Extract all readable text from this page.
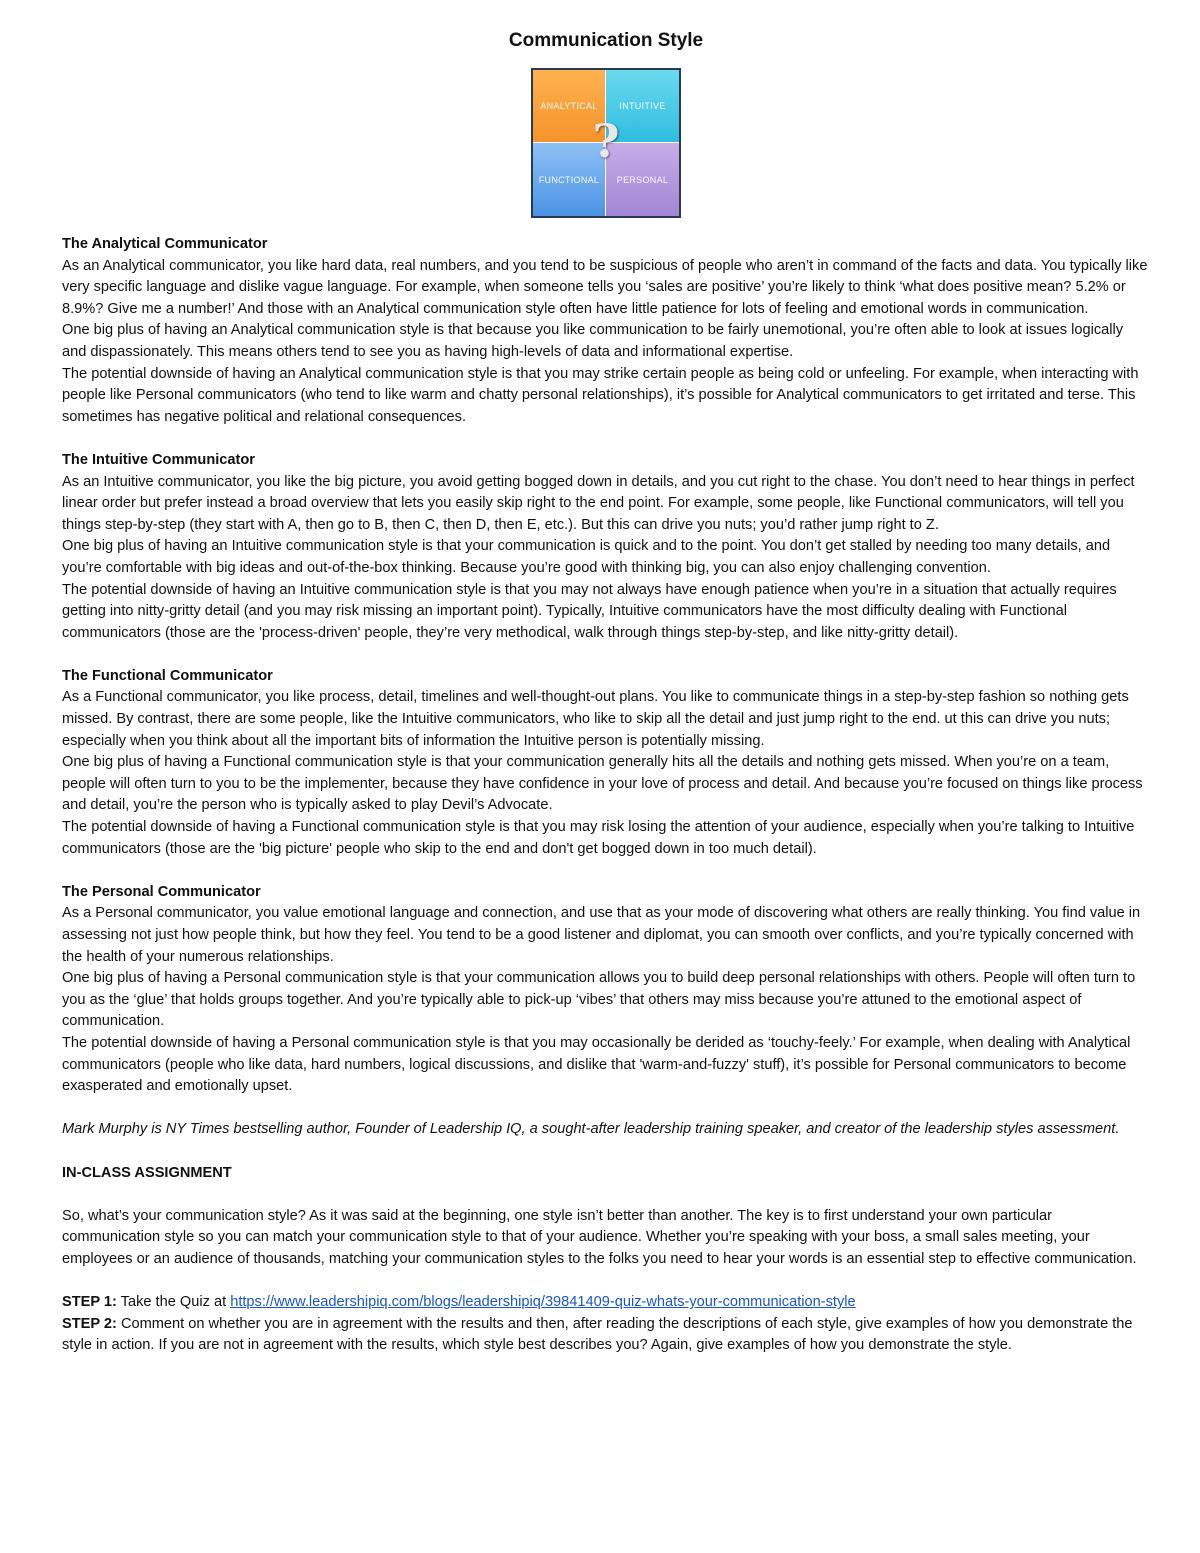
Communication Style
ANALYTICAL	INTUITIVE
FUNCTIONAL	PERSONAL
?

The Analytical Communicator

As an Analytical communicator, you like hard data, real numbers, and you tend to be suspicious of people who aren’t in command of the facts and data. You typically like very specific language and dislike vague language. For example, when someone tells you ‘sales are positive’ you’re likely to think ‘what does positive mean? 5.2% or 8.9%? Give me a number!’ And those with an Analytical communication style often have little patience for lots of feeling and emotional words in communication.

One big plus of having an Analytical communication style is that because you like communication to be fairly unemotional, you’re often able to look at issues logically and dispassionately. This means others tend to see you as having high-levels of data and informational expertise.

The potential downside of having an Analytical communication style is that you may strike certain people as being cold or unfeeling. For example, when interacting with people like Personal communicators (who tend to like warm and chatty personal relationships), it’s possible for Analytical communicators to get irritated and terse. This sometimes has negative political and relational consequences.

The Intuitive Communicator

As an Intuitive communicator, you like the big picture, you avoid getting bogged down in details, and you cut right to the chase. You don’t need to hear things in perfect linear order but prefer instead a broad overview that lets you easily skip right to the end point. For example, some people, like Functional communicators, will tell you things step-by-step (they start with A, then go to B, then C, then D, then E, etc.). But this can drive you nuts; you’d rather jump right to Z.

One big plus of having an Intuitive communication style is that your communication is quick and to the point. You don’t get stalled by needing too many details, and you’re comfortable with big ideas and out-of-the-box thinking. Because you’re good with thinking big, you can also enjoy challenging convention.

The potential downside of having an Intuitive communication style is that you may not always have enough patience when you’re in a situation that actually requires getting into nitty-gritty detail (and you may risk missing an important point). Typically, Intuitive communicators have the most difficulty dealing with Functional communicators (those are the 'process-driven' people, they’re very methodical, walk through things step-by-step, and like nitty-gritty detail).

The Functional Communicator

As a Functional communicator, you like process, detail, timelines and well-thought-out plans. You like to communicate things in a step-by-step fashion so nothing gets missed. By contrast, there are some people, like the Intuitive communicators, who like to skip all the detail and just jump right to the end. ut this can drive you nuts; especially when you think about all the important bits of information the Intuitive person is potentially missing.

One big plus of having a Functional communication style is that your communication generally hits all the details and nothing gets missed. When you’re on a team, people will often turn to you to be the implementer, because they have confidence in your love of process and detail. And because you’re focused on things like process and detail, you’re the person who is typically asked to play Devil’s Advocate.

The potential downside of having a Functional communication style is that you may risk losing the attention of your audience, especially when you’re talking to Intuitive communicators (those are the 'big picture' people who skip to the end and don't get bogged down in too much detail).

The Personal Communicator

As a Personal communicator, you value emotional language and connection, and use that as your mode of discovering what others are really thinking. You find value in assessing not just how people think, but how they feel. You tend to be a good listener and diplomat, you can smooth over conflicts, and you’re typically concerned with the health of your numerous relationships.

One big plus of having a Personal communication style is that your communication allows you to build deep personal relationships with others. People will often turn to you as the ‘glue’ that holds groups together. And you’re typically able to pick-up ‘vibes’ that others may miss because you’re attuned to the emotional aspect of communication.

The potential downside of having a Personal communication style is that you may occasionally be derided as ‘touchy-feely.’ For example, when dealing with Analytical communicators (people who like data, hard numbers, logical discussions, and dislike that 'warm-and-fuzzy' stuff), it’s possible for Personal communicators to become exasperated and emotionally upset.

Mark Murphy is NY Times bestselling author, Founder of Leadership IQ, a sought-after leadership training speaker, and creator of the leadership styles assessment.

IN-CLASS ASSIGNMENT

So, what’s your communication style? As it was said at the beginning, one style isn’t better than another. The key is to first understand your own particular communication style so you can match your communication style to that of your audience. Whether you’re speaking with your boss, a small sales meeting, your employees or an audience of thousands, matching your communication styles to the folks you need to hear your words is an essential step to effective communication.

STEP 1: Take the Quiz at https://www.leadershipiq.com/blogs/leadershipiq/39841409-quiz-whats-your-communication-style

STEP 2: Comment on whether you are in agreement with the results and then, after reading the descriptions of each style, give examples of how you demonstrate the style in action. If you are not in agreement with the results, which style best describes you? Again, give examples of how you demonstrate the style.
